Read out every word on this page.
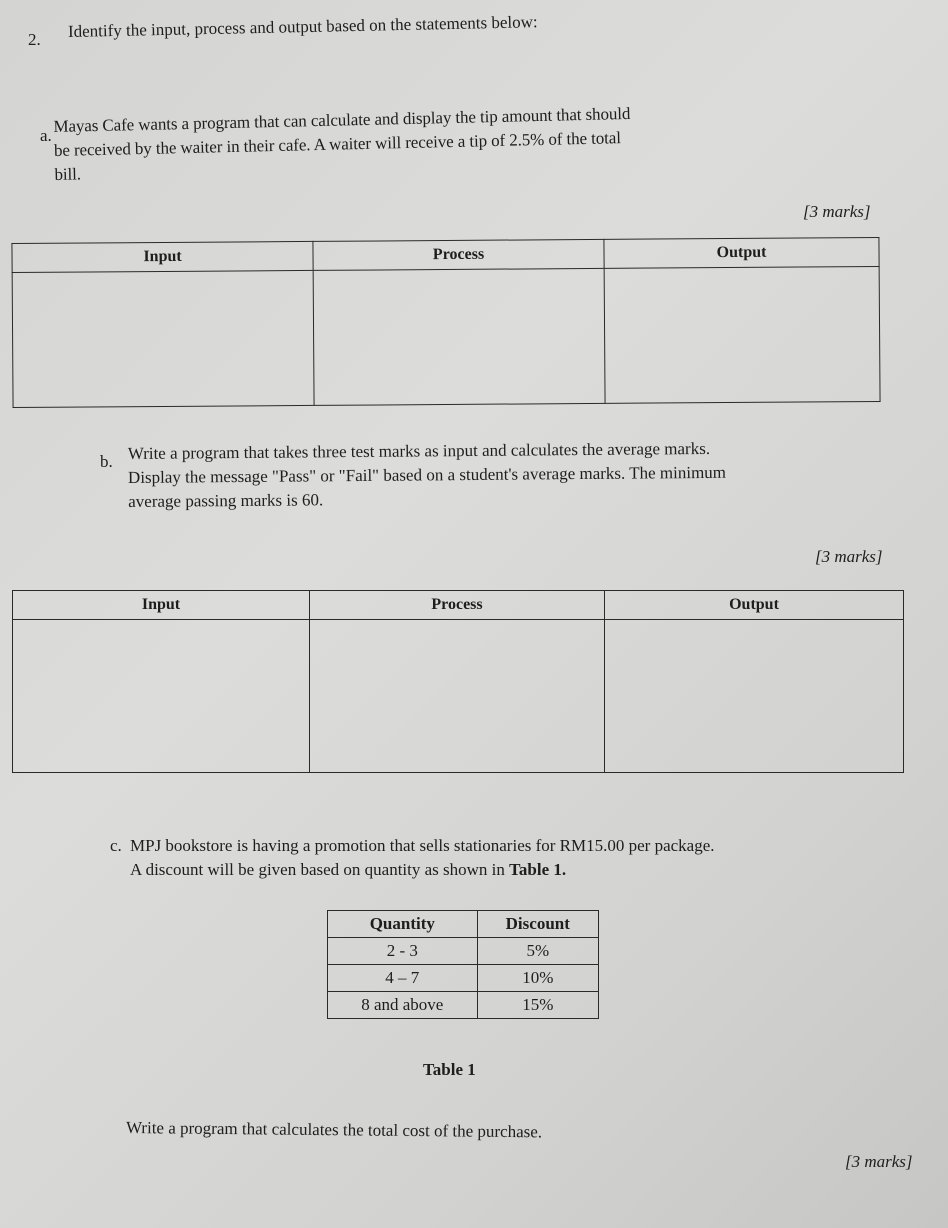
2. Identify the input, process and output based on the statements below:
a. Mayas Cafe wants a program that can calculate and display the tip amount that should
be received by the waiter in their cafe. A waiter will receive a tip of 2.5% of the total
bill.
[3 marks]
Input	Process	Output

b. Write a program that takes three test marks as input and calculates the average marks.
Display the message "Pass" or "Fail" based on a student's average marks. The minimum
average passing marks is 60.
[3 marks]
Input	Process	Output

c. MPJ bookstore is having a promotion that sells stationaries for RM15.00 per package.
A discount will be given based on quantity as shown in Table 1.
Quantity	Discount
2 - 3	5%
4 – 7	10%
8 and above	15%
Table 1
Write a program that calculates the total cost of the purchase.
[3 marks]
